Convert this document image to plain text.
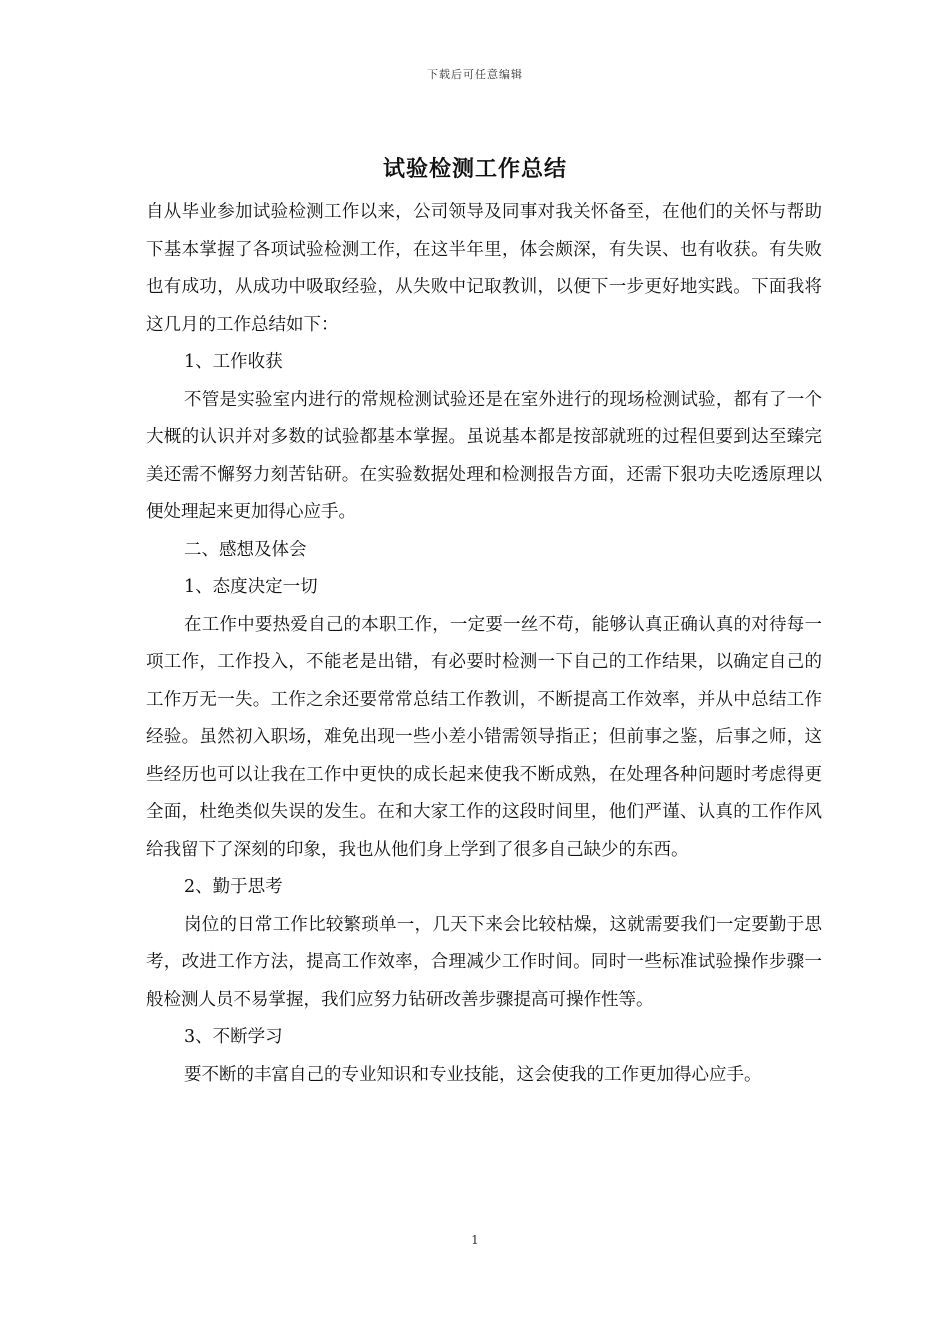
下载后可任意编辑
试验检测工作总结

自从毕业参加试验检测工作以来，公司领导及同事对我关怀备至，在他们的关怀与帮助下基本掌握了各项试验检测工作，在这半年里，体会颇深，有失误、也有收获。有失败也有成功，从成功中吸取经验，从失败中记取教训，以便下一步更好地实践。下面我将这几月的工作总结如下：

1、工作收获

不管是实验室内进行的常规检测试验还是在室外进行的现场检测试验，都有了一个大概的认识并对多数的试验都基本掌握。虽说基本都是按部就班的过程但要到达至臻完美还需不懈努力刻苦钻研。在实验数据处理和检测报告方面，还需下狠功夫吃透原理以便处理起来更加得心应手。

二、感想及体会

1、态度决定一切

在工作中要热爱自己的本职工作，一定要一丝不苟，能够认真正确认真的对待每一项工作，工作投入，不能老是出错，有必要时检测一下自己的工作结果，以确定自己的工作万无一失。工作之余还要常常总结工作教训，不断提高工作效率，并从中总结工作经验。虽然初入职场，难免出现一些小差小错需领导指正；但前事之鉴，后事之师，这些经历也可以让我在工作中更快的成长起来使我不断成熟，在处理各种问题时考虑得更全面，杜绝类似失误的发生。在和大家工作的这段时间里，他们严谨、认真的工作作风给我留下了深刻的印象，我也从他们身上学到了很多自己缺少的东西。

2、勤于思考

岗位的日常工作比较繁琐单一，几天下来会比较枯燥，这就需要我们一定要勤于思考，改进工作方法，提高工作效率，合理减少工作时间。同时一些标准试验操作步骤一般检测人员不易掌握，我们应努力钻研改善步骤提高可操作性等。

3、不断学习

要不断的丰富自己的专业知识和专业技能，这会使我的工作更加得心应手。

1
